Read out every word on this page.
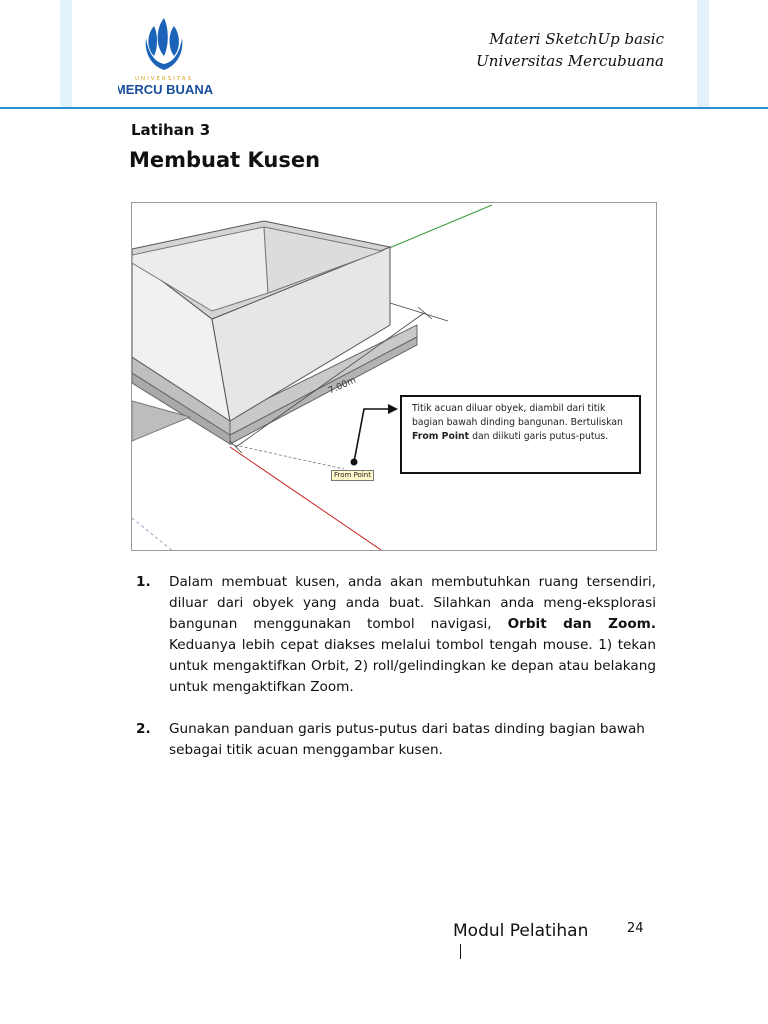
UNIVERSITAS
MERCU BUANA
Materi SketchUp basic
Universitas Mercubuana
Latihan 3
Membuat Kusen
7.00m
From Point
Titik acuan diluar obyek, diambil dari titik bagian bawah dinding bangunan. Bertuliskan From Point dan diikuti garis putus-putus.
1. Dalam membuat kusen, anda akan membutuhkan ruang tersendiri, diluar dari obyek yang anda buat. Silahkan anda meng-eksplorasi bangunan menggunakan tombol navigasi, Orbit dan Zoom. Keduanya lebih cepat diakses melalui tombol tengah mouse. 1) tekan untuk mengaktifkan Orbit, 2) roll/gelindingkan ke depan atau belakang untuk mengaktifkan Zoom.
2. Gunakan panduan garis putus-putus dari batas dinding bagian bawah sebagai titik acuan menggambar kusen.
Modul Pelatihan	24
